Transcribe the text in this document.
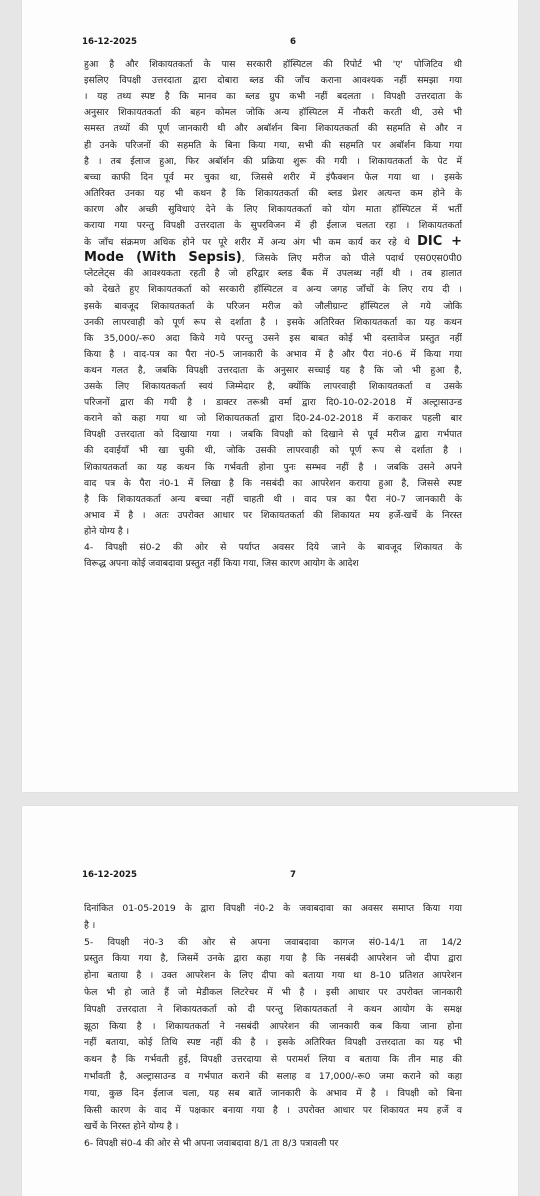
16-12-2025	6
हुआ है और शिकायतकर्ता के पास सरकारी हॉस्पिटल की रिपोर्ट भी 'ए' पोजिटिव थी
इसलिए विपक्षी उत्तरदाता द्वारा दोबारा ब्लड की जाँच कराना आवश्यक नहीं समझा गया
। यह तथ्य स्पष्ट है कि मानव का ब्लड ग्रुप कभी नहीं बदलता । विपक्षी उत्तरदाता के
अनुसार शिकायतकर्ता की बहन कोमल जोकि अन्य हॉस्पिटल में नौकरी करती थी, उसे भी
समस्त तथ्यों की पूर्ण जानकारी थी और अबॉर्शन बिना शिकायतकर्ता की सहमति से और न
ही उनके परिजनों की सहमति के बिना किया गया, सभी की सहमति पर अबॉर्शन किया गया
है । तब ईलाज हुआ, फिर अबॉर्शन की प्रक्रिया शुरू की गयी । शिकायतकर्ता के पेट में
बच्चा काफी दिन पूर्व मर चुका था, जिससे शरीर में इंफैक्शन फेल गया था । इसके
अतिरिक्त उनका यह भी कथन है कि शिकायतकर्ता की ब्लड प्रेशर अत्यन्त कम होने के
कारण और अच्छी सुविधाएं देने के लिए शिकायतकर्ता को योग माता हॉस्पिटल में भर्ती
कराया गया परन्तु विपक्षी उत्तरदाता के सुपरविजन में ही ईलाज चलता रहा । शिकायतकर्ता
के जाँच संक्रमण अधिक होने पर पूरे शरीर में अन्य अंग भी कम कार्य कर रहे थे DIC +
Mode (With Sepsis), जिसके लिए मरीज को पीले पदार्थ एस0एस0पी0
प्लेटलेट्स की आवश्यकता रहती है जो हरिद्वार ब्लड बैंक में उपलब्ध नहीं थी । तब हालात
को देखते हुए शिकायतकर्ता को सरकारी हॉस्पिटल व अन्य जगह जाँचों के लिए राय दी ।
इसके बावजूद शिकायतकर्ता के परिजन मरीज को जौलीग्रान्ट हॉस्पिटल ले गये जोकि
उनकी लापरवाही को पूर्ण रूप से दर्शाता है । इसके अतिरिक्त शिकायतकर्ता का यह कथन
कि 35,000/-रू0 अदा किये गये परन्तु उसने इस बाबत कोई भी दस्तावेज प्रस्तुत नहीं
किया है । वाद-पत्र का पैरा नं0-5 जानकारी के अभाव में है और पैरा नं0-6 में किया गया
कथन गलत है, जबकि विपक्षी उत्तरदाता के अनुसार सच्चाई यह है कि जो भी हुआ है,
उसके लिए शिकायतकर्ता स्वयं जिम्मेदार है, क्योंकि लापरवाही शिकायतकर्ता व उसके
परिजनों द्वारा की गयी है । डाक्टर तरूश्री वर्मा द्वारा दि0-10-02-2018 में अल्ट्रासाउन्ड
कराने को कहा गया था जो शिकायतकर्ता द्वारा दि0-24-02-2018 में कराकर पहली बार
विपक्षी उत्तरदाता को दिखाया गया । जबकि विपक्षी को दिखाने से पूर्व मरीज द्वारा गर्भपात
की दवाईयाँ भी खा चुकी थी, जोकि उसकी लापरवाही को पूर्ण रूप से दर्शाता है ।
शिकायतकर्ता का यह कथन कि गर्भवती होना पुनः सम्भव नहीं है । जबकि उसने अपने
वाद पत्र के पैरा नं0-1 में लिखा है कि नसबंदी का आपरेशन कराया हुआ है, जिससे स्पष्ट
है कि शिकायतकर्ता अन्य बच्चा नहीं चाहती थी । वाद पत्र का पैरा नं0-7 जानकारी के
अभाव में है । अतः उपरोक्त आधार पर शिकायतकर्ता की शिकायत मय हर्जे-खर्चे के निरस्त
होने योग्य है ।
4- विपक्षी सं0-2 की ओर से पर्याप्त अवसर दिये जाने के बावजूद शिकायत के
विरूद्ध अपना कोई जवाबदावा प्रस्तुत नहीं किया गया, जिस कारण आयोग के आदेश
16-12-2025	7
दिनांकित 01-05-2019 के द्वारा विपक्षी नं0-2 के जवाबदावा का अवसर समाप्त किया गया
है ।
5- विपक्षी नं0-3 की ओर से अपना जवाबदावा कागज सं0-14/1 ता 14/2
प्रस्तुत किया गया है, जिसमें उनके द्वारा कहा गया है कि नसबंदी आपरेशन जो दीपा द्वारा
होना बताया है । उक्त आपरेशन के लिए दीपा को बताया गया था 8-10 प्रतिशत आपरेशन
फेल भी हो जाते हैं जो मेडीकल लिटरेचर में भी है । इसी आधार पर उपरोक्त जानकारी
विपक्षी उत्तरदाता ने शिकायतकर्ता को दी परन्तु शिकायतकर्ता ने कथन आयोग के समक्ष
झूठा किया है । शिकायतकर्ता ने नसबंदी आपरेशन की जानकारी कब किया जाना होना
नहीं बताया, कोई तिथि स्पष्ट नहीं की है । इसके अतिरिक्त विपक्षी उत्तरदाता का यह भी
कथन है कि गर्भवती हुई, विपक्षी उत्तरदाया से परामर्श लिया व बताया कि तीन माह की
गर्भावती है, अल्ट्रासाउन्ड व गर्भपात कराने की सलाह व 17,000/-रू0 जमा कराने को कहा
गया, कुछ दिन ईलाज चला, यह सब बातें जानकारी के अभाव में है । विपक्षी को बिना
किसी कारण के वाद में पक्षकार बनाया गया है । उपरोक्त आधार पर शिकायत मय हर्जे व
खर्चे के निरस्त होने योग्य है ।
6- विपक्षी सं0-4 की ओर से भी अपना जवाबदावा 8/1 ता 8/3 पत्रावली पर
